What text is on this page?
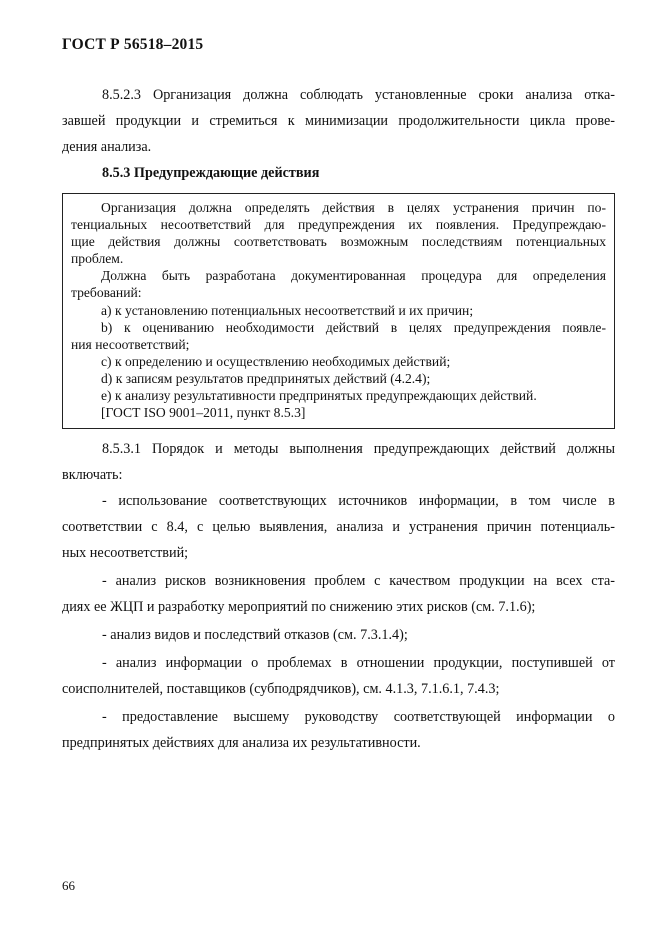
ГОСТ Р 56518–2015

8.5.2.3 Организация должна соблюдать установленные сроки анализа отка-

завшей продукции и стремиться к минимизации продолжительности цикла прове-

дения анализа.

8.5.3 Предупреждающие действия

Организация должна определять действия в целях устранения причин по-

тенциальных несоответствий для предупреждения их появления. Предупреждаю-

щие действия должны соответствовать возможным последствиям потенциальных

проблем.

Должна быть разработана документированная процедура для определения

требований:

a) к установлению потенциальных несоответствий и их причин;

b) к оцениванию необходимости действий в целях предупреждения появле-

ния несоответствий;

c) к определению и осуществлению необходимых действий;

d) к записям результатов предпринятых действий (4.2.4);

e) к анализу результативности предпринятых предупреждающих действий.

[ГОСТ ISO 9001–2011, пункт 8.5.3]

8.5.3.1 Порядок и методы выполнения предупреждающих действий должны

включать:

- использование соответствующих источников информации, в том числе в

соответствии с 8.4, с целью выявления, анализа и устранения причин потенциаль-

ных несоответствий;

- анализ рисков возникновения проблем с качеством продукции на всех ста-

диях ее ЖЦП и разработку мероприятий по снижению этих рисков (см. 7.1.6);

- анализ видов и последствий отказов (см. 7.3.1.4);

- анализ информации о проблемах в отношении продукции, поступившей от

соисполнителей, поставщиков (субподрядчиков), см. 4.1.3, 7.1.6.1, 7.4.3;

- предоставление высшему руководству соответствующей информации о

предпринятых действиях для анализа их результативности.

66
